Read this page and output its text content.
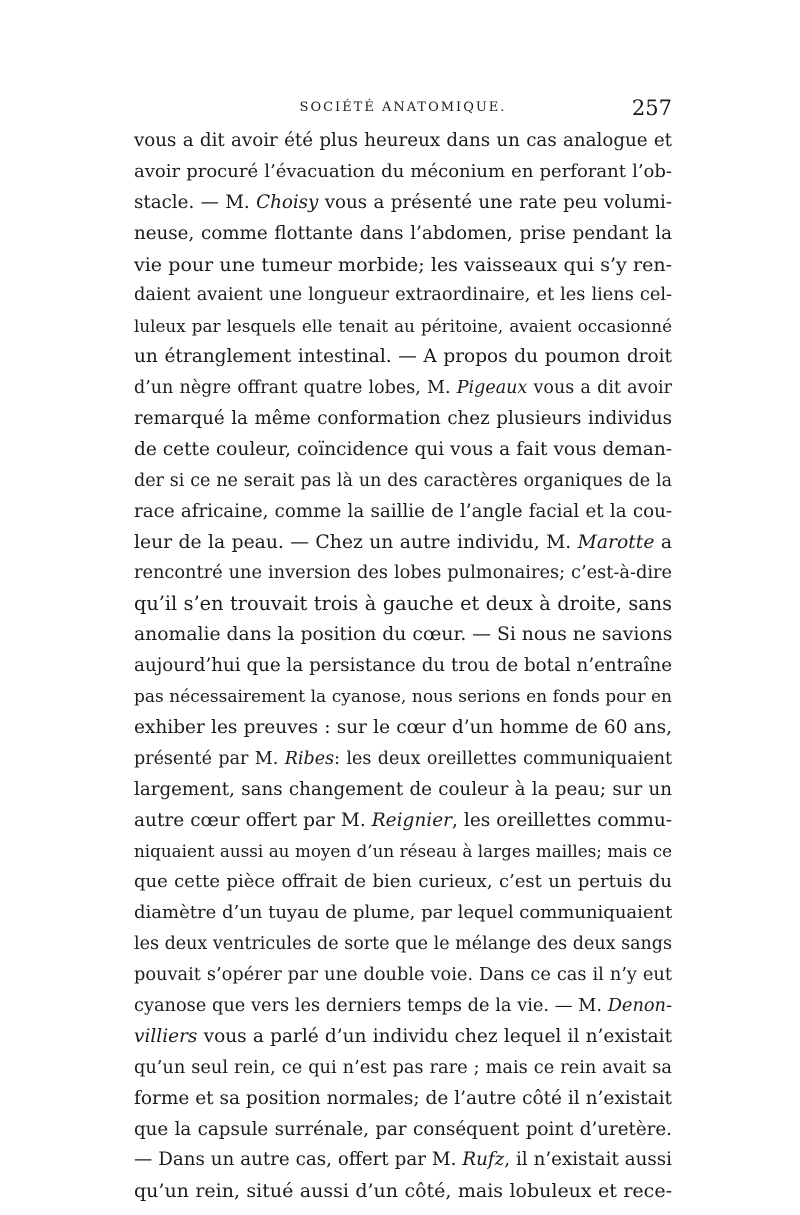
SOCIÉTÉ ANATOMIQUE.	257
vous a dit avoir été plus heureux dans un cas analogue et
avoir procuré l’évacuation du méconium en perforant l’ob-
stacle. — M. Choisy vous a présenté une rate peu volumi-
neuse, comme flottante dans l’abdomen, prise pendant la
vie pour une tumeur morbide; les vaisseaux qui s’y ren-
daient avaient une longueur extraordinaire, et les liens cel-
luleux par lesquels elle tenait au péritoine, avaient occasionné
un étranglement intestinal. — A propos du poumon droit
d’un nègre offrant quatre lobes, M. Pigeaux vous a dit avoir
remarqué la même conformation chez plusieurs individus
de cette couleur, coïncidence qui vous a fait vous deman-
der si ce ne serait pas là un des caractères organiques de la
race africaine, comme la saillie de l’angle facial et la cou-
leur de la peau. — Chez un autre individu, M. Marotte a
rencontré une inversion des lobes pulmonaires; c’est-à-dire
qu’il s’en trouvait trois à gauche et deux à droite, sans
anomalie dans la position du cœur. — Si nous ne savions
aujourd’hui que la persistance du trou de botal n’entraîne
pas nécessairement la cyanose, nous serions en fonds pour en
exhiber les preuves : sur le cœur d’un homme de 60 ans,
présenté par M. Ribes: les deux oreillettes communiquaient
largement, sans changement de couleur à la peau; sur un
autre cœur offert par M. Reignier, les oreillettes commu-
niquaient aussi au moyen d’un réseau à larges mailles; mais ce
que cette pièce offrait de bien curieux, c’est un pertuis du
diamètre d’un tuyau de plume, par lequel communiquaient
les deux ventricules de sorte que le mélange des deux sangs
pouvait s’opérer par une double voie. Dans ce cas il n’y eut
cyanose que vers les derniers temps de la vie. — M. Denon-
villiers vous a parlé d’un individu chez lequel il n’existait
qu’un seul rein, ce qui n’est pas rare ; mais ce rein avait sa
forme et sa position normales; de l’autre côté il n’existait
que la capsule surrénale, par conséquent point d’uretère.
— Dans un autre cas, offert par M. Rufz, il n’existait aussi
qu’un rein, situé aussi d’un côté, mais lobuleux et rece-
